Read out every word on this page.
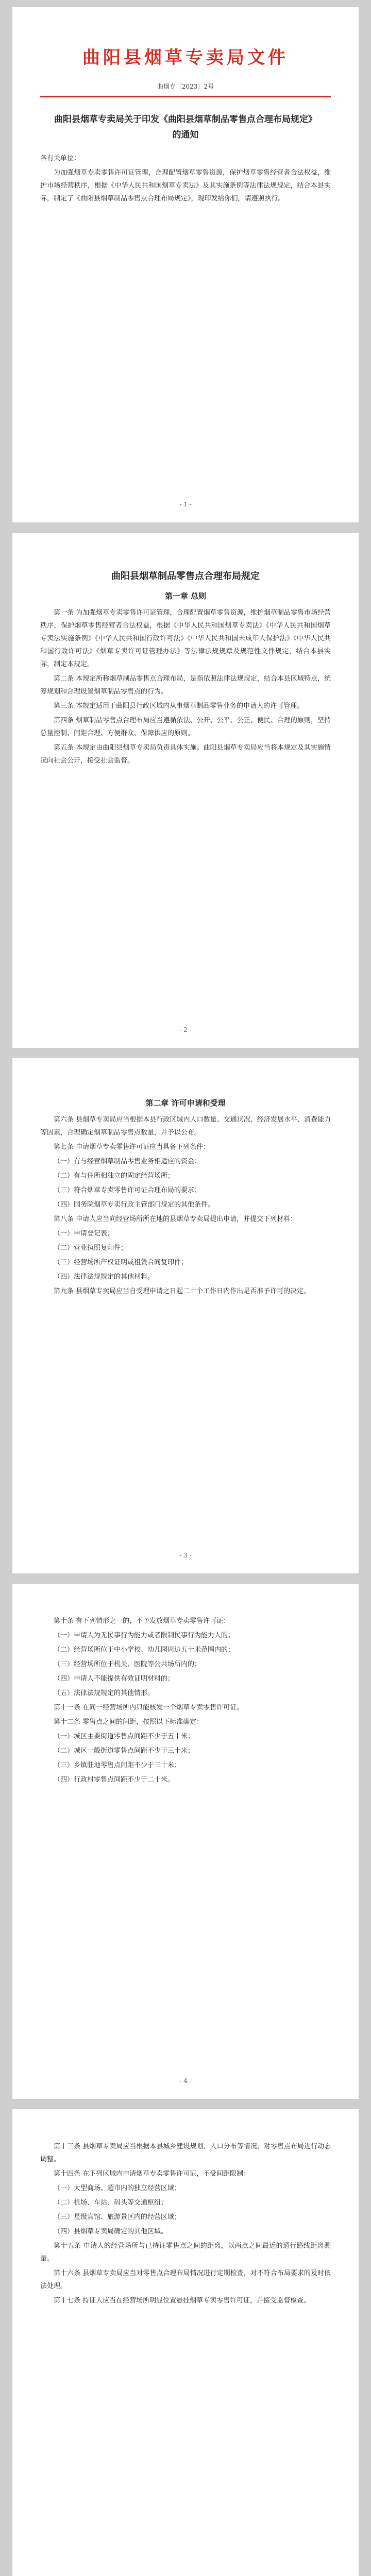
曲阳县烟草专卖局文件
曲烟专〔2023〕2号
曲阳县烟草专卖局关于印发《曲阳县烟草制品零售点合理布局规定》的通知

各有关单位：

为加强烟草专卖零售许可证管理，合理配置烟草零售资源，保护烟草零售经营者合法权益，维护市场经营秩序，根据《中华人民共和国烟草专卖法》及其实施条例等法律法规规定，结合本县实际，制定了《曲阳县烟草制品零售点合理布局规定》，现印发给你们，请遵照执行。

- 1 -
曲阳县烟草制品零售点合理布局规定
第一章 总则

第一条 为加强烟草专卖零售许可证管理，合理配置烟草零售资源，维护烟草制品零售市场经营秩序，保护烟草零售经营者合法权益，根据《中华人民共和国烟草专卖法》《中华人民共和国烟草专卖法实施条例》《中华人民共和国行政许可法》《中华人民共和国未成年人保护法》《中华人民共和国行政许可法》《烟草专卖许可证管理办法》等法律法规规章及规范性文件规定，结合本县实际，制定本规定。

第二条 本规定所称烟草制品零售点合理布局，是指依照法律法规规定，结合本县区域特点，统筹规划和合理设置烟草制品零售点的行为。

第三条 本规定适用于曲阳县行政区域内从事烟草制品零售业务的申请人的许可管理。

第四条 烟草制品零售点合理布局应当遵循依法、公开、公平、公正、便民、合理的原则，坚持总量控制、间距合理、方便群众、保障供应的原则。

第五条 本规定由曲阳县烟草专卖局负责具体实施。曲阳县烟草专卖局应当将本规定及其实施情况向社会公开，接受社会监督。

- 2 -
第二章 许可申请和受理

第六条 县烟草专卖局应当根据本县行政区域内人口数量、交通状况、经济发展水平、消费能力等因素，合理确定烟草制品零售点数量，并予以公布。

第七条 申请烟草专卖零售许可证应当具备下列条件：

（一）有与经营烟草制品零售业务相适应的资金；

（二）有与住所相独立的固定经营场所；

（三）符合烟草专卖零售许可证合理布局的要求；

（四）国务院烟草专卖行政主管部门规定的其他条件。

第八条 申请人应当向经营场所所在地的县烟草专卖局提出申请，并提交下列材料：

（一）申请登记表；

（二）营业执照复印件；

（三）经营场所产权证明或租赁合同复印件；

（四）法律法规规定的其他材料。

第九条 县烟草专卖局应当自受理申请之日起二十个工作日内作出是否准予许可的决定。

- 3 -

第十条 有下列情形之一的，不予发放烟草专卖零售许可证：

（一）申请人为无民事行为能力或者限制民事行为能力人的；

（二）经营场所位于中小学校、幼儿园周边五十米范围内的；

（三）经营场所位于机关、医院等公共场所内的；

（四）申请人不能提供有效证明材料的；

（五）法律法规规定的其他情形。

第十一条 在同一经营场所内只能核发一个烟草专卖零售许可证。

第十二条 零售点之间的间距，按照以下标准确定：

（一）城区主要街道零售点间距不少于五十米；

（二）城区一般街道零售点间距不少于三十米；

（三）乡镇驻地零售点间距不少于三十米；

（四）行政村零售点间距不少于二十米。

- 4 -

第十三条 县烟草专卖局应当根据本县城乡建设规划、人口分布等情况，对零售点布局进行动态调整。

第十四条 在下列区域内申请烟草专卖零售许可证，不受间距限制：

（一）大型商场、超市内的独立经营区域；

（二）机场、车站、码头等交通枢纽；

（三）星级宾馆、旅游景区内的经营区域；

（四）县烟草专卖局确定的其他区域。

第十五条 申请人的经营场所与已持证零售点之间的距离，以两点之间最近的通行路线距离测量。

第十六条 县烟草专卖局应当对零售点合理布局情况进行定期检查，对不符合布局要求的及时依法处理。

第十七条 持证人应当在经营场所明显位置悬挂烟草专卖零售许可证，并接受监督检查。
